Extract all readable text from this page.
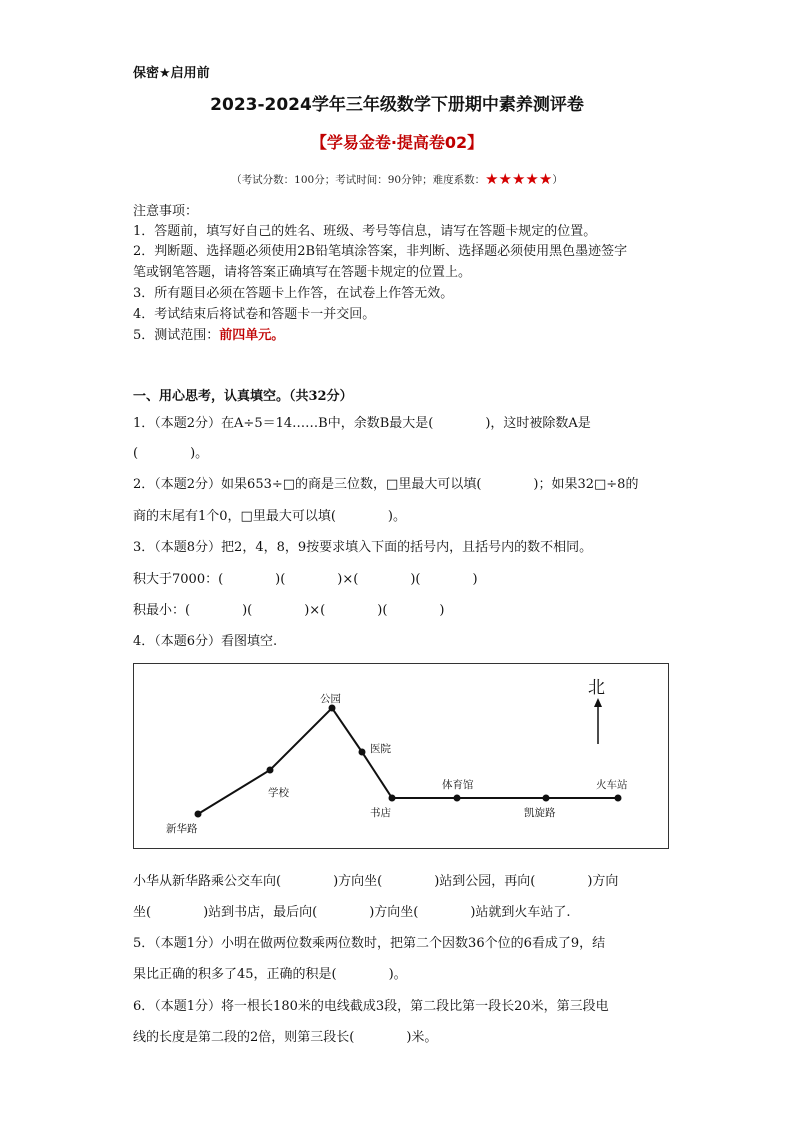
保密★启用前
2023-2024学年三年级数学下册期中素养测评卷
【学易金卷·提高卷02】
（考试分数：100分；考试时间：90分钟；难度系数：★★★★★）
注意事项：
1．答题前，填写好自己的姓名、班级、考号等信息，请写在答题卡规定的位置。
2．判断题、选择题必须使用2B铅笔填涂答案，非判断、选择题必须使用黑色墨迹签字
笔或钢笔答题，请将答案正确填写在答题卡规定的位置上。
3．所有题目必须在答题卡上作答，在试卷上作答无效。
4．考试结束后将试卷和答题卡一并交回。
5．测试范围：前四单元。
一、用心思考，认真填空。（共32分）
1．（本题2分）在A÷5＝14……B中，余数B最大是(　　　　)，这时被除数A是
(　　　　)。
2．（本题2分）如果653÷□的商是三位数，□里最大可以填(　　　　)；如果32□÷8的
商的末尾有1个0，□里最大可以填(　　　　)。
3．（本题8分）把2，4，8，9按要求填入下面的括号内，且括号内的数不相同。
积大于7000：(　　　　)(　　　　)×(　　　　)(　　　　)
积最小：(　　　　)(　　　　)×(　　　　)(　　　　)
4．（本题6分）看图填空.
新华路
学校
公园
医院
书店
体育馆
凯旋路
火车站
北
小华从新华路乘公交车向(　　　　)方向坐(　　　　)站到公园，再向(　　　　)方向
坐(　　　　)站到书店，最后向(　　　　)方向坐(　　　　)站就到火车站了.
5．（本题1分）小明在做两位数乘两位数时，把第二个因数36个位的6看成了9，结
果比正确的积多了45，正确的积是(　　　　)。
6．（本题1分）将一根长180米的电线截成3段，第二段比第一段长20米，第三段电
线的长度是第二段的2倍，则第三段长(　　　　)米。
